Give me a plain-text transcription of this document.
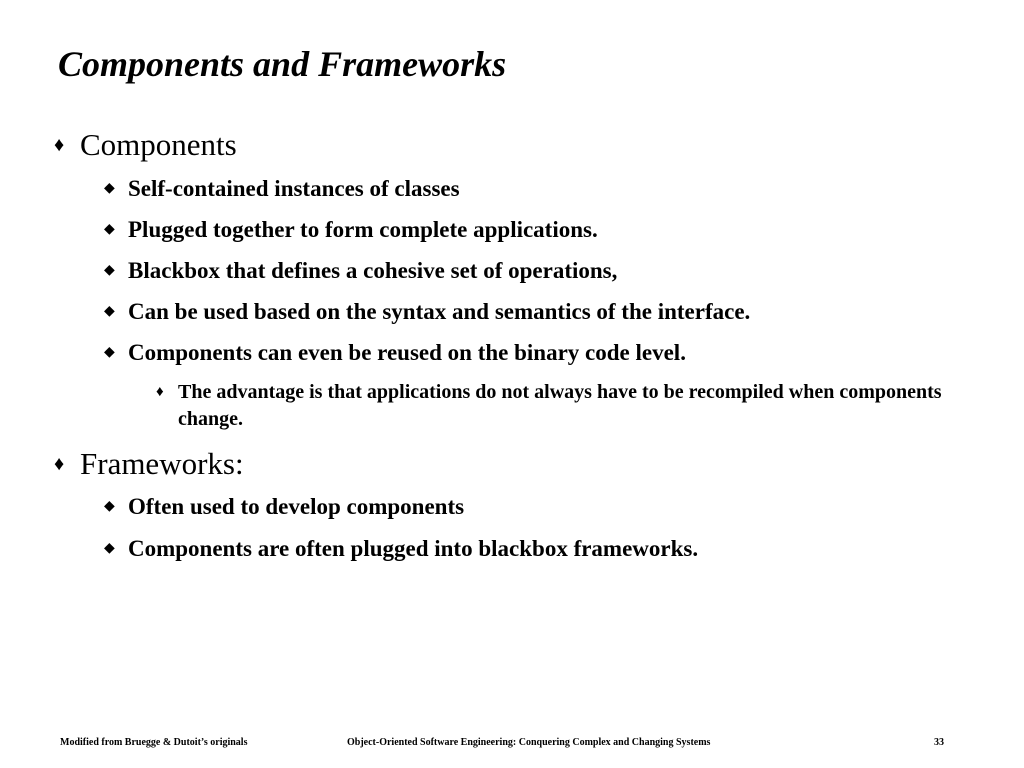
Components and Frameworks
♦ Components
◆ Self-contained instances of classes
◆ Plugged together to form complete applications.
◆ Blackbox that defines a cohesive set of operations,
◆ Can be used based on the syntax and semantics of the interface.
◆ Components can even be reused on the binary code level.
♦ The advantage is that applications do not always have to be recompiled when components change.
♦ Frameworks:
◆ Often used to develop components
◆ Components are often plugged into blackbox frameworks.
Modified from Bruegge & Dutoit’s originals	Object-Oriented Software Engineering: Conquering Complex and Changing Systems	33
